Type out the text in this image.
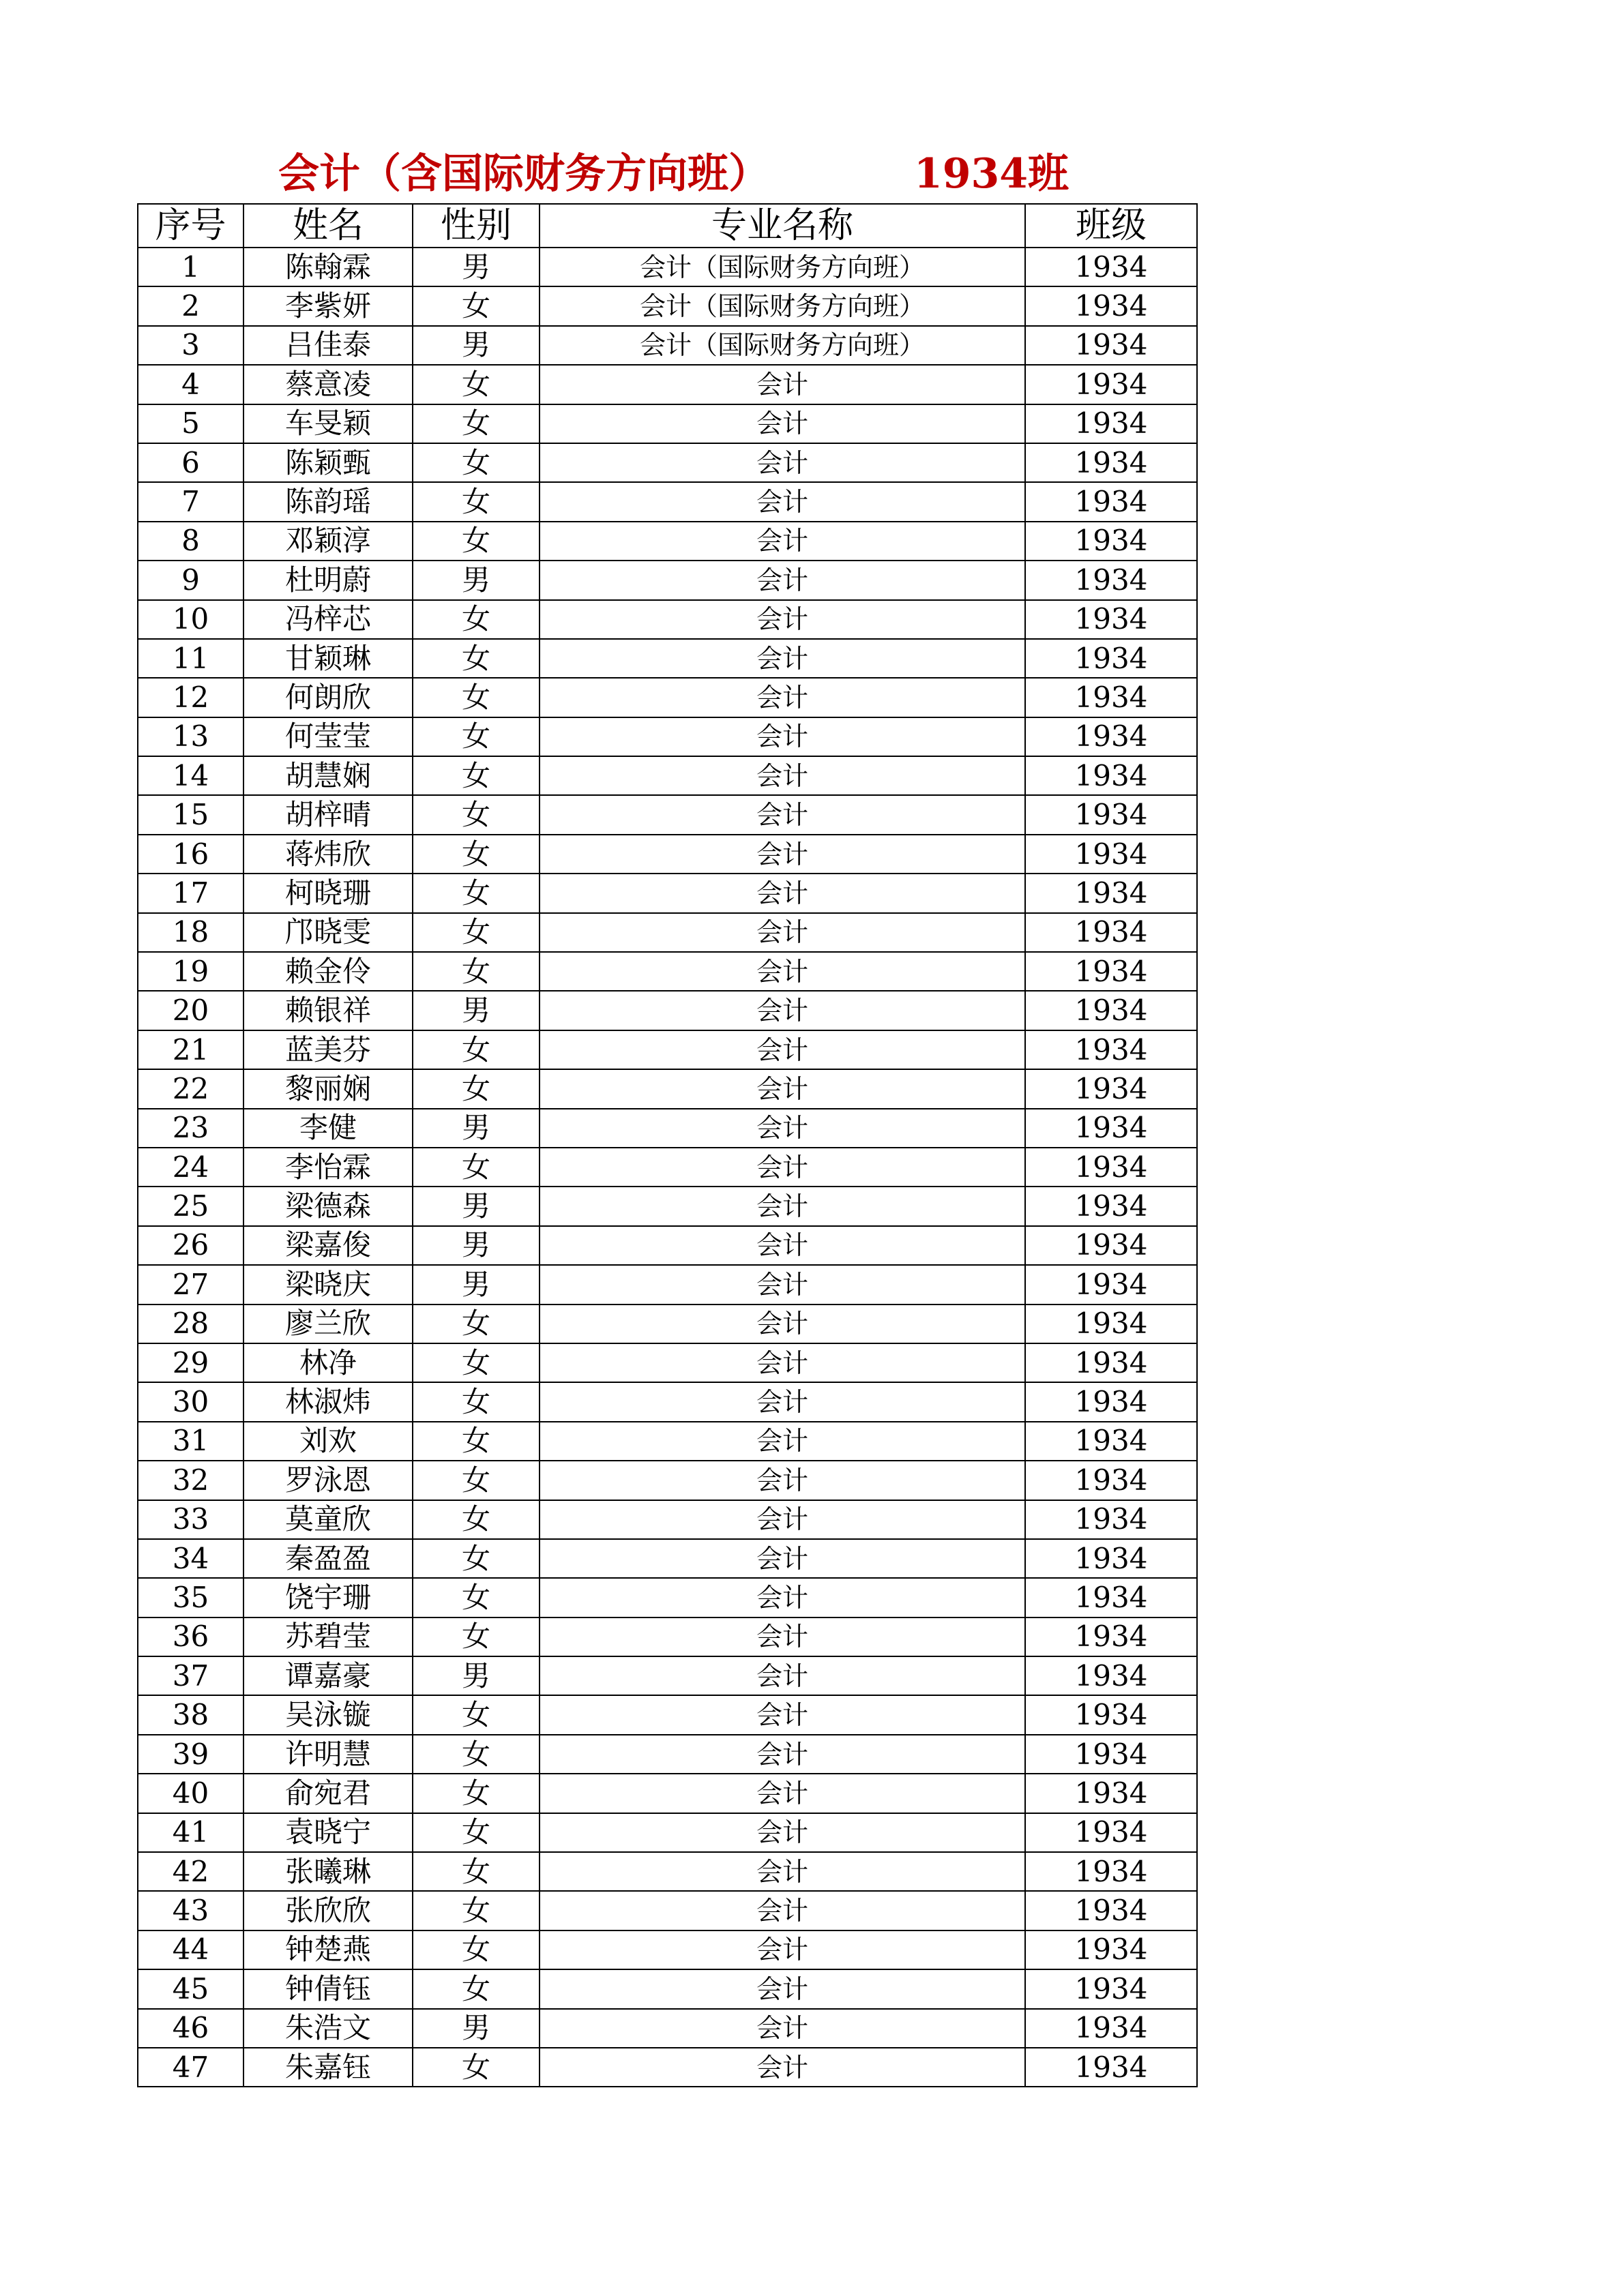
会计（含国际财务方向班）	1934班
序号	姓名	性别	专业名称	班级
1	陈翰霖	男	会计（国际财务方向班）	1934
2	李紫妍	女	会计（国际财务方向班）	1934
3	吕佳泰	男	会计（国际财务方向班）	1934
4	蔡意凌	女	会计	1934
5	车旻颖	女	会计	1934
6	陈颖甄	女	会计	1934
7	陈韵瑶	女	会计	1934
8	邓颖淳	女	会计	1934
9	杜明蔚	男	会计	1934
10	冯梓芯	女	会计	1934
11	甘颖琳	女	会计	1934
12	何朗欣	女	会计	1934
13	何莹莹	女	会计	1934
14	胡慧娴	女	会计	1934
15	胡梓晴	女	会计	1934
16	蒋炜欣	女	会计	1934
17	柯晓珊	女	会计	1934
18	邝晓雯	女	会计	1934
19	赖金伶	女	会计	1934
20	赖银祥	男	会计	1934
21	蓝美芬	女	会计	1934
22	黎丽娴	女	会计	1934
23	李健	男	会计	1934
24	李怡霖	女	会计	1934
25	梁德森	男	会计	1934
26	梁嘉俊	男	会计	1934
27	梁晓庆	男	会计	1934
28	廖兰欣	女	会计	1934
29	林净	女	会计	1934
30	林淑炜	女	会计	1934
31	刘欢	女	会计	1934
32	罗泳恩	女	会计	1934
33	莫童欣	女	会计	1934
34	秦盈盈	女	会计	1934
35	饶宇珊	女	会计	1934
36	苏碧莹	女	会计	1934
37	谭嘉豪	男	会计	1934
38	吴泳镟	女	会计	1934
39	许明慧	女	会计	1934
40	俞宛君	女	会计	1934
41	袁晓宁	女	会计	1934
42	张曦琳	女	会计	1934
43	张欣欣	女	会计	1934
44	钟楚燕	女	会计	1934
45	钟倩钰	女	会计	1934
46	朱浩文	男	会计	1934
47	朱嘉钰	女	会计	1934
